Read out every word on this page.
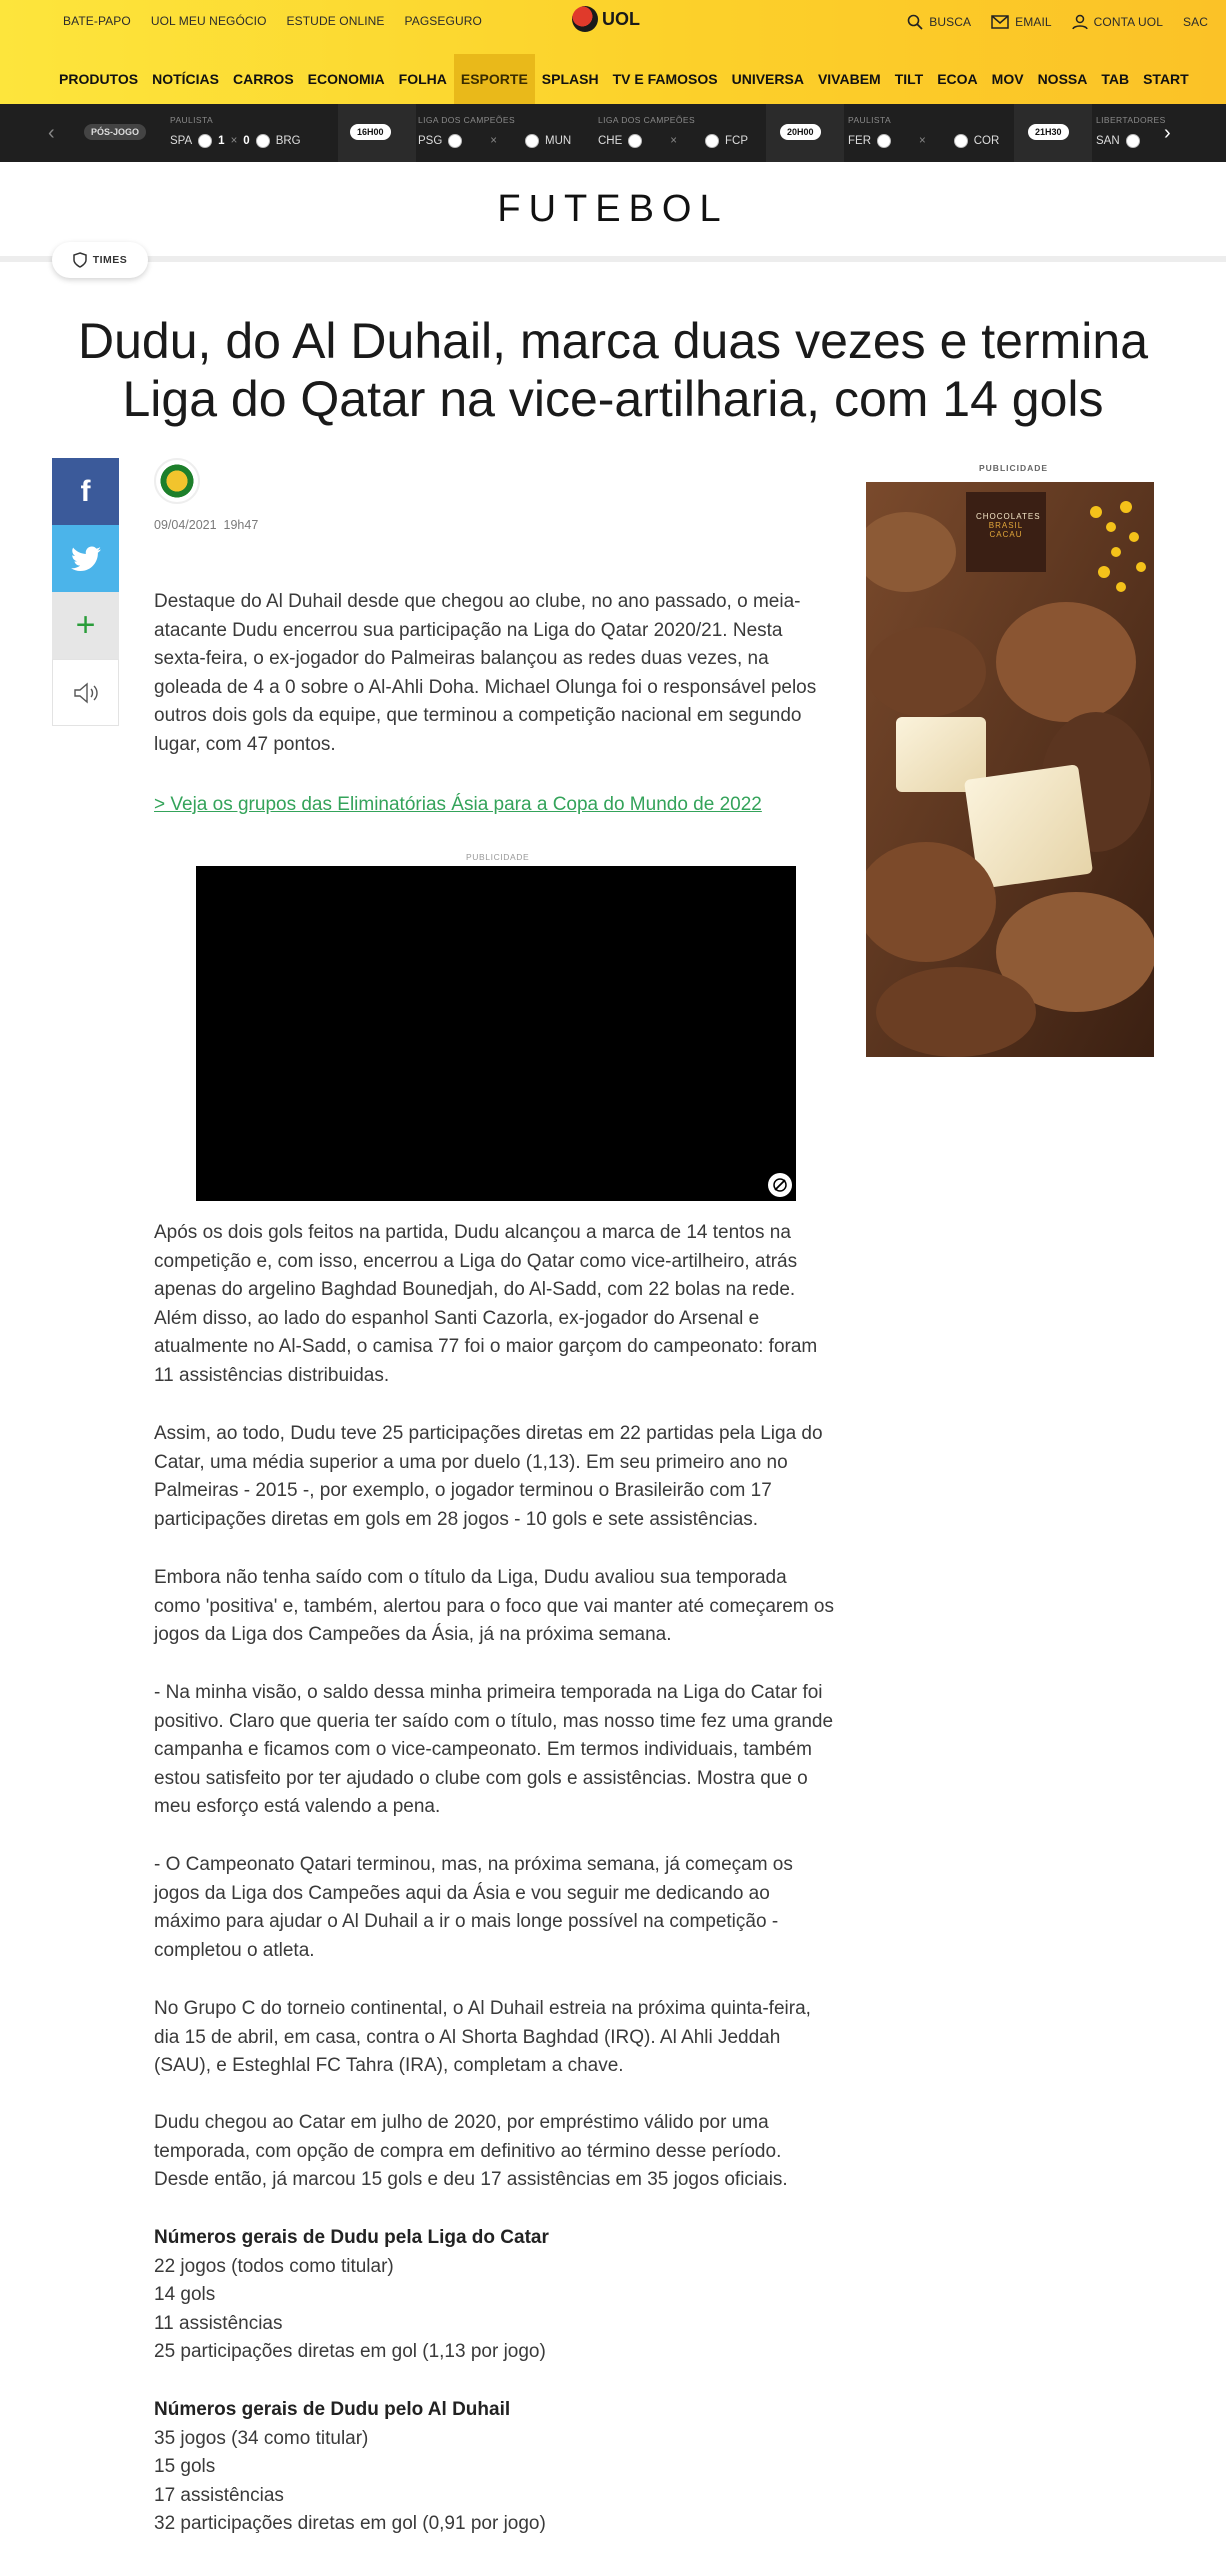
BATE-PAPO UOL MEU NEGÓCIO ESTUDE ONLINE PAGSEGURO	UOL	BUSCA	EMAIL	CONTA UOL SAC
PRODUTOS	NOTÍCIAS	CARROS	ECONOMIA	FOLHA	ESPORTE	SPLASH	TV E FAMOSOS	UNIVERSA	VIVABEM	TILT	ECOA	MOV	NOSSA	TAB	START
‹	PÓS-JOGO
PAULISTA
SPA 1 × 0 BRG
16H00
LIGA DOS CAMPEÕES
PSG	×	MUN
LIGA DOS CAMPEÕES
CHE	×	FCP
20H00
PAULISTA
FER	×	COR
21H30
LIBERTADORES
SAN ›
FUTEBOL
TIMES
Dudu, do Al Duhail, marca duas vezes e termina Liga do Qatar na vice-artilharia, com 14 gols
f
+
09/04/2021 19h47

Destaque do Al Duhail desde que chegou ao clube, no ano passado, o meia-atacante Dudu encerrou sua participação na Liga do Qatar 2020/21. Nesta sexta-feira, o ex-jogador do Palmeiras balançou as redes duas vezes, na goleada de 4 a 0 sobre o Al-Ahli Doha. Michael Olunga foi o responsável pelos outros dois gols da equipe, que terminou a competição nacional em segundo lugar, com 47 pontos.

> Veja os grupos das Eliminatórias Ásia para a Copa do Mundo de 2022
PUBLICIDADE

Após os dois gols feitos na partida, Dudu alcançou a marca de 14 tentos na competição e, com isso, encerrou a Liga do Qatar como vice-artilheiro, atrás apenas do argelino Baghdad Bounedjah, do Al-Sadd, com 22 bolas na rede. Além disso, ao lado do espanhol Santi Cazorla, ex-jogador do Arsenal e atualmente no Al-Sadd, o camisa 77 foi o maior garçom do campeonato: foram 11 assistências distribuidas.

Assim, ao todo, Dudu teve 25 participações diretas em 22 partidas pela Liga do Catar, uma média superior a uma por duelo (1,13). Em seu primeiro ano no Palmeiras - 2015 -, por exemplo, o jogador terminou o Brasileirão com 17 participações diretas em gols em 28 jogos - 10 gols e sete assistências.

Embora não tenha saído com o título da Liga, Dudu avaliou sua temporada como 'positiva' e, também, alertou para o foco que vai manter até começarem os jogos da Liga dos Campeões da Ásia, já na próxima semana.

- Na minha visão, o saldo dessa minha primeira temporada na Liga do Catar foi positivo. Claro que queria ter saído com o título, mas nosso time fez uma grande campanha e ficamos com o vice-campeonato. Em termos individuais, também estou satisfeito por ter ajudado o clube com gols e assistências. Mostra que o meu esforço está valendo a pena.

- O Campeonato Qatari terminou, mas, na próxima semana, já começam os jogos da Liga dos Campeões aqui da Ásia e vou seguir me dedicando ao máximo para ajudar o Al Duhail a ir o mais longe possível na competição - completou o atleta.

No Grupo C do torneio continental, o Al Duhail estreia na próxima quinta-feira, dia 15 de abril, em casa, contra o Al Shorta Baghdad (IRQ). Al Ahli Jeddah (SAU), e Esteghlal FC Tahra (IRA), completam a chave.

Dudu chegou ao Catar em julho de 2020, por empréstimo válido por uma temporada, com opção de compra em definitivo ao término desse período. Desde então, já marcou 15 gols e deu 17 assistências em 35 jogos oficiais.

Números gerais de Dudu pela Liga do Catar
22 jogos (todos como titular)
14 gols
11 assistências
25 participações diretas em gol (1,13 por jogo)
Números gerais de Dudu pelo Al Duhail
35 jogos (34 como titular)
15 gols
17 assistências
32 participações diretas em gol (0,91 por jogo)
PUBLICIDADE
CHOCOLATES
BRASIL CACAU
